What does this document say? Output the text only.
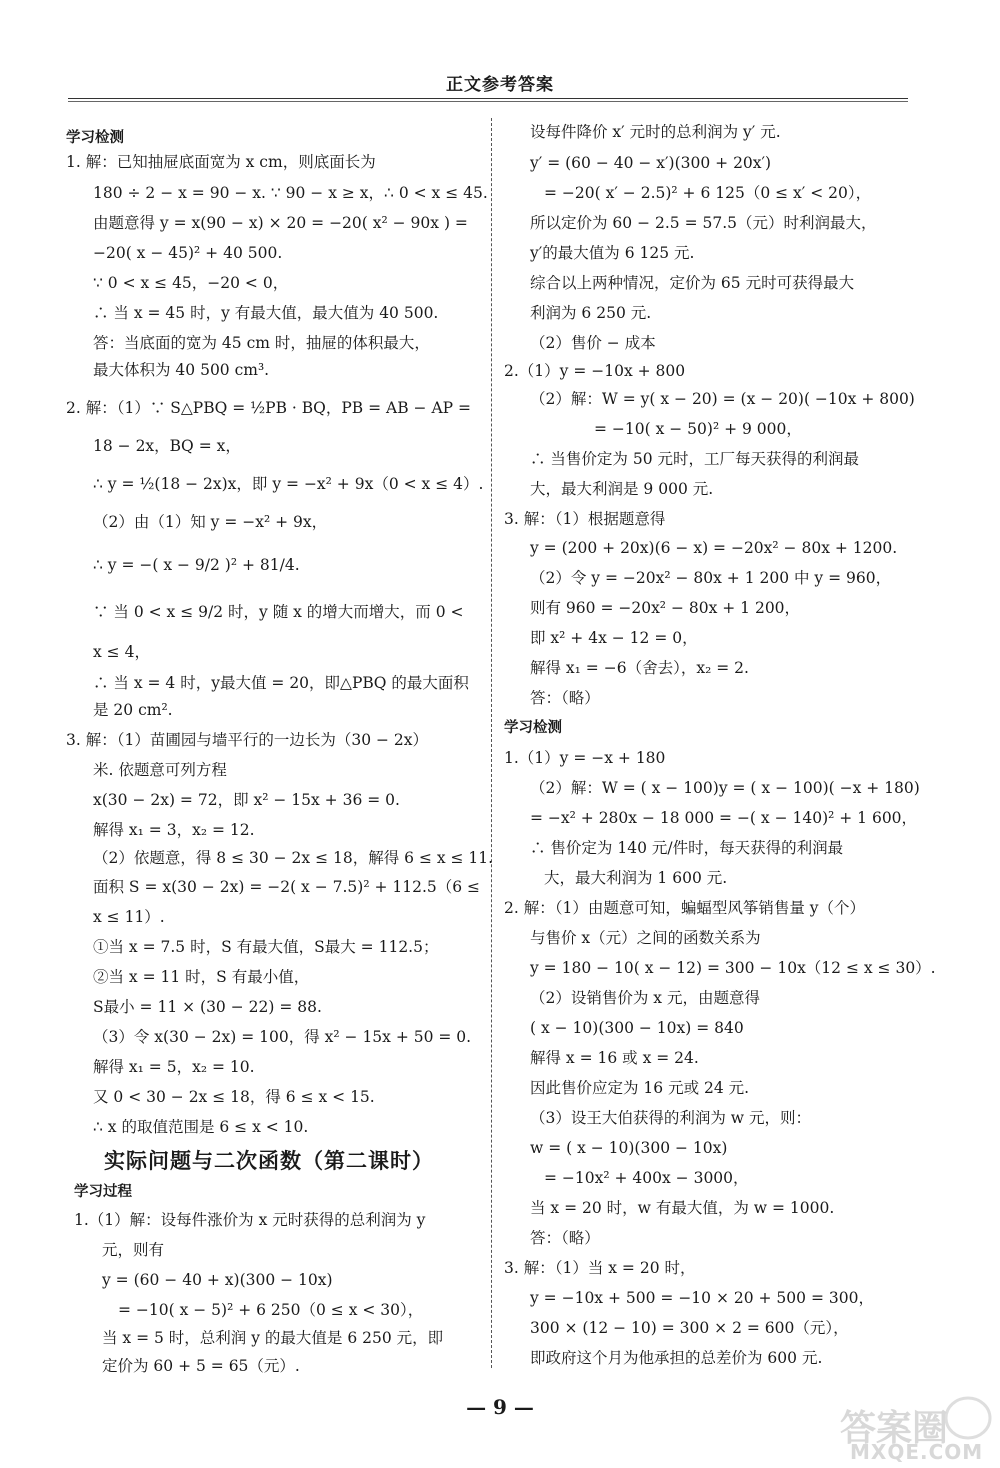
正文参考答案
学习检测
1. 解：已知抽屉底面宽为 x cm，则底面长为
180 ÷ 2 − x = 90 − x. ∵ 90 − x ≥ x，∴ 0 < x ≤ 45.
由题意得 y = x(90 − x) × 20 = −20( x² − 90x ) =
−20( x − 45)² + 40 500.
∵ 0 < x ≤ 45，−20 < 0，
∴ 当 x = 45 时，y 有最大值，最大值为 40 500.
答：当底面的宽为 45 cm 时，抽屉的体积最大，
最大体积为 40 500 cm³.
2. 解：（1）∵ S△PBQ = ½PB · BQ，PB = AB − AP =
18 − 2x，BQ = x，
∴ y = ½(18 − 2x)x，即 y = −x² + 9x（0 < x ≤ 4）.
（2）由（1）知 y = −x² + 9x，
∴ y = −( x − 9/2 )² + 81/4.
∵ 当 0 < x ≤ 9/2 时，y 随 x 的增大而增大，而 0 <
x ≤ 4，
∴ 当 x = 4 时，y最大值 = 20，即△PBQ 的最大面积
是 20 cm².
3. 解：（1）苗圃园与墙平行的一边长为（30 − 2x）
米. 依题意可列方程
x(30 − 2x) = 72，即 x² − 15x + 36 = 0.
解得 x₁ = 3，x₂ = 12.
（2）依题意，得 8 ≤ 30 − 2x ≤ 18，解得 6 ≤ x ≤ 11.
面积 S = x(30 − 2x) = −2( x − 7.5)² + 112.5（6 ≤
x ≤ 11）.
①当 x = 7.5 时，S 有最大值，S最大 = 112.5；
②当 x = 11 时，S 有最小值，
S最小 = 11 × (30 − 22) = 88.
（3）令 x(30 − 2x) = 100，得 x² − 15x + 50 = 0.
解得 x₁ = 5，x₂ = 10.
又 0 < 30 − 2x ≤ 18，得 6 ≤ x < 15.
∴ x 的取值范围是 6 ≤ x < 10.
实际问题与二次函数（第二课时）
学习过程
1.（1）解：设每件涨价为 x 元时获得的总利润为 y
元，则有
y = (60 − 40 + x)(300 − 10x)
= −10( x − 5)² + 6 250（0 ≤ x < 30），
当 x = 5 时，总利润 y 的最大值是 6 250 元，即
定价为 60 + 5 = 65（元）.
设每件降价 x′ 元时的总利润为 y′ 元.
y′ = (60 − 40 − x′)(300 + 20x′)
= −20( x′ − 2.5)² + 6 125（0 ≤ x′ < 20），
所以定价为 60 − 2.5 = 57.5（元）时利润最大，
y′的最大值为 6 125 元.
综合以上两种情况，定价为 65 元时可获得最大
利润为 6 250 元.
（2）售价 − 成本
2.（1）y = −10x + 800
（2）解：W = y( x − 20) = (x − 20)( −10x + 800)
= −10( x − 50)² + 9 000，
∴ 当售价定为 50 元时，工厂每天获得的利润最
大，最大利润是 9 000 元.
3. 解：（1）根据题意得
y = (200 + 20x)(6 − x) = −20x² − 80x + 1200.
（2）令 y = −20x² − 80x + 1 200 中 y = 960，
则有 960 = −20x² − 80x + 1 200，
即 x² + 4x − 12 = 0，
解得 x₁ = −6（舍去），x₂ = 2.
答：（略）
学习检测
1.（1）y = −x + 180
（2）解：W = ( x − 100)y = ( x − 100)( −x + 180)
= −x² + 280x − 18 000 = −( x − 140)² + 1 600，
∴ 售价定为 140 元/件时，每天获得的利润最
大，最大利润为 1 600 元.
2. 解：（1）由题意可知，蝙蝠型风筝销售量 y（个）
与售价 x（元）之间的函数关系为
y = 180 − 10( x − 12) = 300 − 10x（12 ≤ x ≤ 30）.
（2）设销售价为 x 元，由题意得
( x − 10)(300 − 10x) = 840
解得 x = 16 或 x = 24.
因此售价应定为 16 元或 24 元.
（3）设王大伯获得的利润为 w 元，则：
w = ( x − 10)(300 − 10x)
= −10x² + 400x − 3000，
当 x = 20 时，w 有最大值，为 w = 1000.
答：（略）
3. 解：（1）当 x = 20 时，
y = −10x + 500 = −10 × 20 + 500 = 300，
300 × (12 − 10) = 300 × 2 = 600（元），
即政府这个月为他承担的总差价为 600 元.
— 9 —
答案圈
MXQE.COM
